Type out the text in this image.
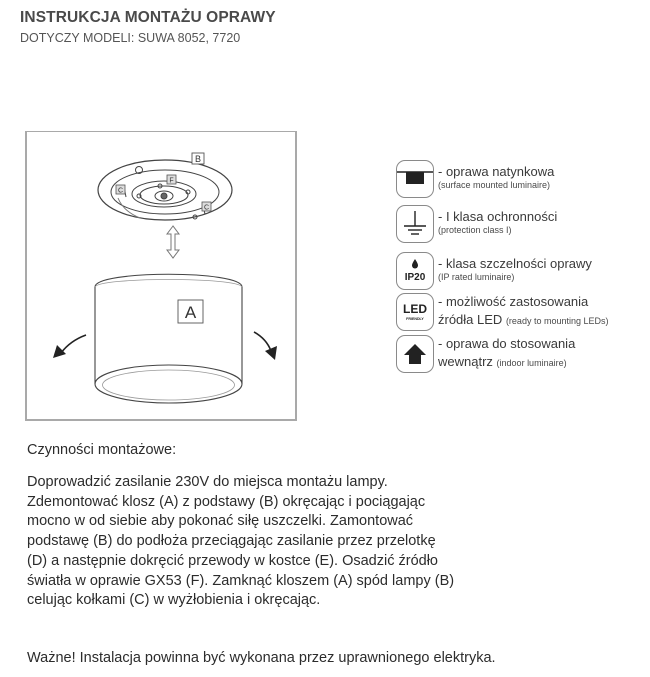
INSTRUKCJA MONTAŻU OPRAWY
DOTYCZY MODELI: SUWA 8052, 7720
B
C
F
C
A
- oprawa natynkowa
(surface mounted luminaire)
- I klasa ochronności
(protection class I)
IP20
- klasa szczelności oprawy
(IP rated luminaire)
LED
FRIENDLY
- możliwość zastosowania
źródła LED (ready to mounting LEDs)
- oprawa do stosowania
wewnątrz (indoor luminaire)
Czynności montażowe:
Doprowadzić zasilanie 230V do miejsca montażu lampy.
Zdemontować klosz (A) z podstawy (B) okręcając i pociągając
mocno w od siebie aby pokonać siłę uszczelki. Zamontować
podstawę (B) do podłoża przeciągając zasilanie przez przelotkę
(D) a następnie dokręcić przewody w kostce (E). Osadzić źródło
światła w oprawie GX53 (F). Zamknąć kloszem (A) spód lampy (B)
celując kołkami (C) w wyżłobienia i okręcając.
Ważne! Instalacja powinna być wykonana przez uprawnionego elektryka.
